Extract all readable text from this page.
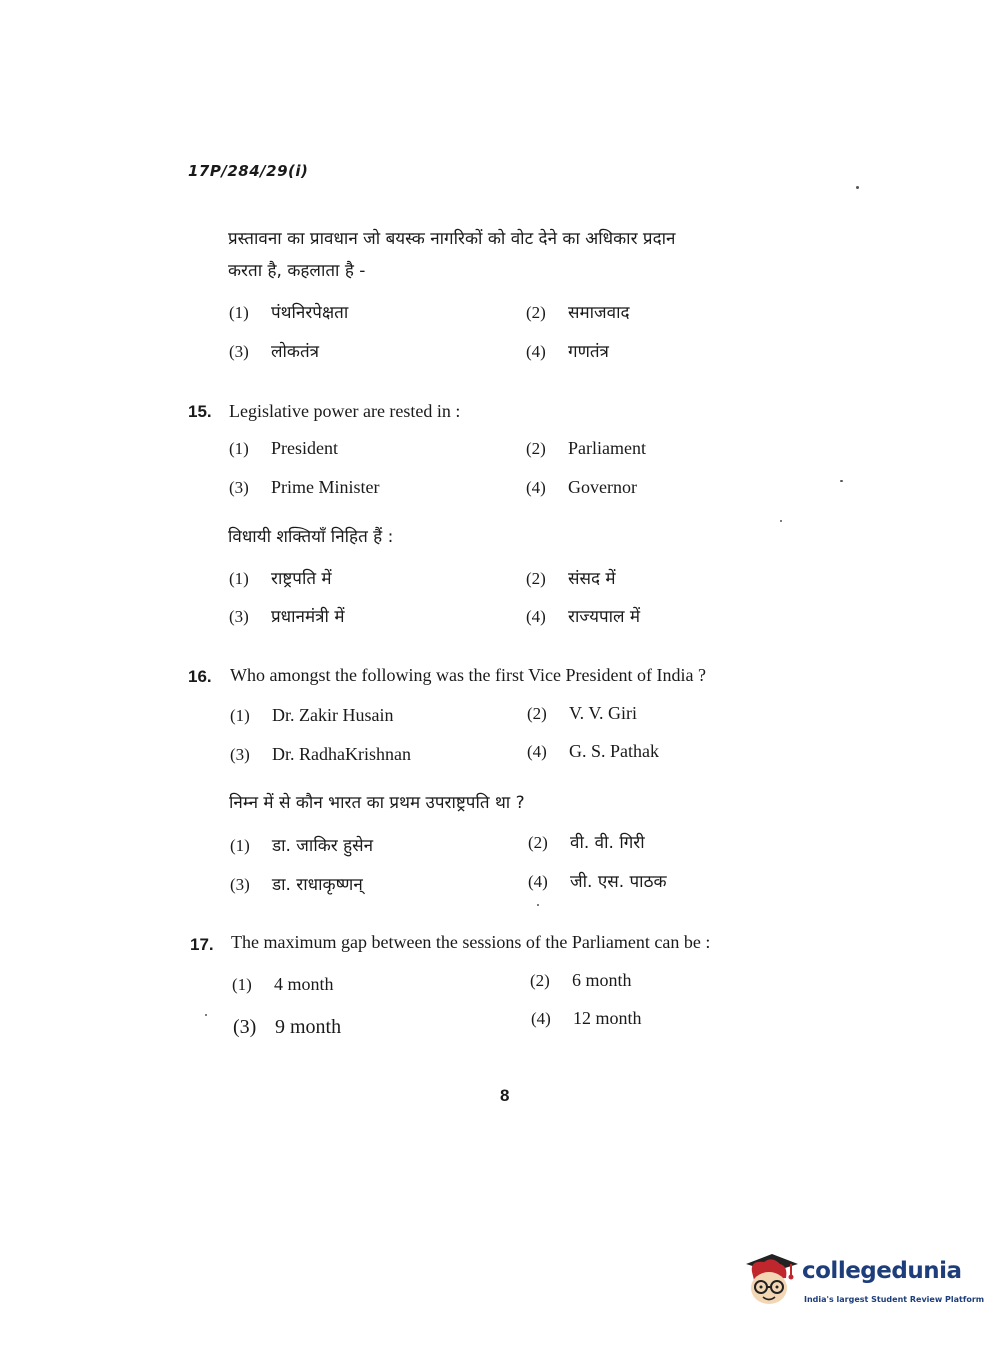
17P/284/29(i)
प्रस्तावना का प्रावधान जो बयस्क नागरिकों को वोट देने का अधिकार प्रदान
करता है, कहलाता है -
(1) पंथनिरपेक्षता	(2) समाजवाद
(3) लोकतंत्र	(4) गणतंत्र
15. Legislative power are rested in :
(1) President	(2) Parliament
(3) Prime Minister	(4) Governor
विधायी शक्तियाँ निहित हैं :
(1) राष्ट्रपति में	(2) संसद में
(3) प्रधानमंत्री में	(4) राज्यपाल में
16. Who amongst the following was the first Vice President of India ?
(1) Dr. Zakir Husain	(2) V. V. Giri
(3) Dr. RadhaKrishnan	(4) G. S. Pathak
निम्न में से कौन भारत का प्रथम उपराष्ट्रपति था ?
(1) डा. जाकिर हुसेन	(2) वी. वी. गिरी
(3) डा. राधाकृष्णन्	(4) जी. एस. पाठक
17. The maximum gap between the sessions of the Parliament can be :
(1) 4 month	(2) 6 month
(3) 9 month	(4) 12 month
8
collegedunia
India's largest Student Review Platform
